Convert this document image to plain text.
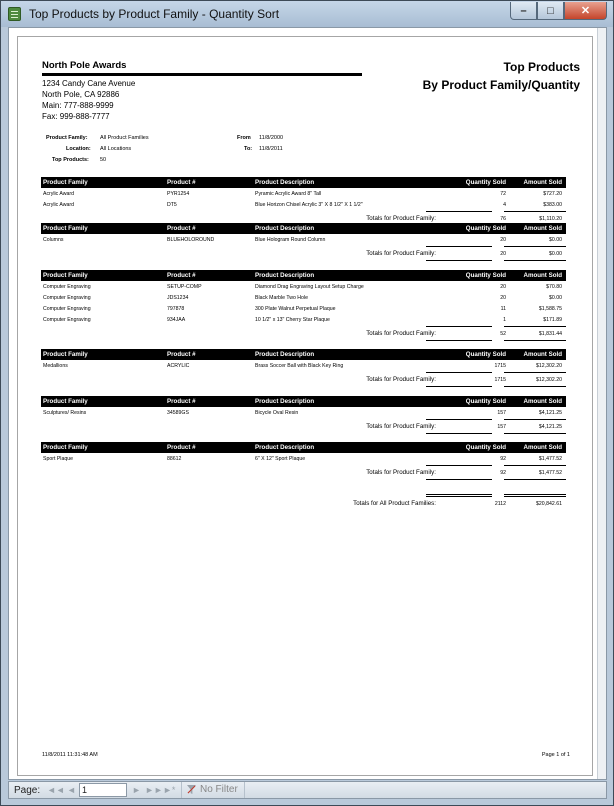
Top Products by Product Family - Quantity Sort	– □ ✕
North Pole Awards
1234 Candy Cane Avenue
North Pole, CA 92886
Main: 777-888-9999
Fax: 999-888-7777
Top Products
By Product Family/Quantity
Product Family: All Product Families
Location: All Locations
Top Products: 50
From 11/8/2000
To: 11/8/2011
Product Family	Product #	Product Description	Quantity Sold	Amount Sold
Acrylic Award	PYR1254	Pyramic Acrylic Award 8" Tall	72	$727.20
Acrylic Award	DT5	Blue Horizon Chisel Acrylic 3" X 8 1/2" X 1 1/2"	4	$383.00
Totals for Product Family:	76	$1,110.20
Product Family	Product #	Product Description	Quantity Sold	Amount Sold
Columns	BLUEHOLOROUND	Blue Hologram Round Column	20	$0.00
Totals for Product Family:	20	$0.00
Product Family	Product #	Product Description	Quantity Sold	Amount Sold
Computer Engraving	SETUP-COMP	Diamond Drag Engraving Layout Setup Charge	20	$70.80
Computer Engraving	JDS1234	Black Marble Two Hole	20	$0.00
Computer Engraving	797878	300 Plate Walnut Perpetual Plaque	11	$1,588.75
Computer Engraving	934JAA	10 1/2" x 13" Cherry Star Plaque	1	$171.89
Totals for Product Family:	52	$1,831.44
Product Family	Product #	Product Description	Quantity Sold	Amount Sold
Medallions	ACRYLIC	Brass Soccer Ball with Black Key Ring	1715	$12,302.20
Totals for Product Family:	1715	$12,302.20
Product Family	Product #	Product Description	Quantity Sold	Amount Sold
Sculptures/ Resins	34589GS	Bicycle Oval Resin	157	$4,121.25
Totals for Product Family:	157	$4,121.25
Product Family	Product #	Product Description	Quantity Sold	Amount Sold
Sport Plaque	88612	6" X 12" Sport Plaque	92	$1,477.52
Totals for Product Family:	92	$1,477.52
Totals for All Product Families:	2112	$20,842.61
11/8/2011 11:31:48 AM	Page 1 of 1
Page: ◄◄ ◄ 1	► ►► ►*	No Filter
